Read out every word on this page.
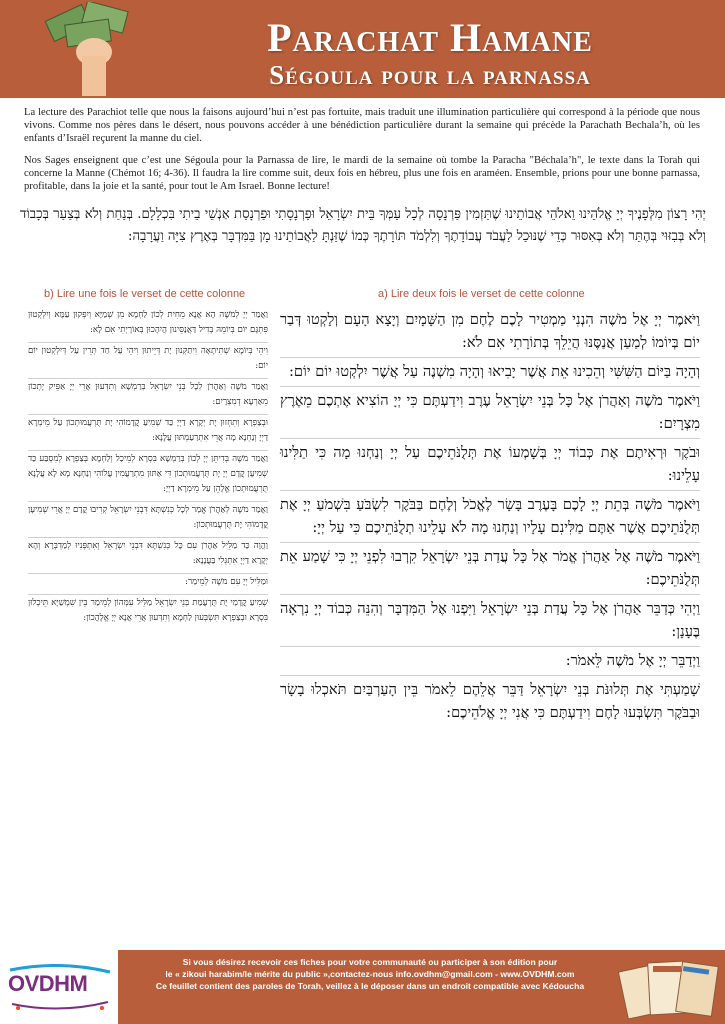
Parachat Hamane
Ségoula pour la parnassa

La lecture des Parachiot telle que nous la faisons aujourd’hui n’est pas fortuite, mais traduit une illumination particulière qui correspond à la période que nous vivons. Comme nos pères dans le désert, nous pouvons accéder à une bénédiction particulière durant la semaine qui précède la Parachath Bechala’h, où les enfants d’Israël reçurent la manne du ciel.

Nos Sages enseignent que c’est une Ségoula pour la Parnassa de lire, le mardi de la semaine où tombe la Paracha "Béchala’h", le texte dans la Torah qui concerne la Manne (Chémot 16; 4-36). Il faudra la lire comme suit, deux fois en hébreu, plus une fois en araméen. Ensemble, prions pour une bonne parnassa, profitable, dans la joie et la santé, pour tout le Am Israel. Bonne lecture!

יְהִי רָצוֹן מִלְּפָנֶיךָ יְיָ אֱלֹהֵינוּ וֵאלֹהֵי אֲבוֹתֵינוּ שֶׁתַּזְמִין פַּרְנָסָה לְכָל עַמְּךָ בֵּית יִשְׂרָאֵל וּפַרְנָסָתִי וּפַרְנָסַת אַנְשֵׁי בֵיתִי בִּכְלָלָם. בְּנַחַת וְלֹא בְּצַעַר בְּכָבוֹד וְלֹא בְּבִזּוּי בְּהֶתֵּר וְלֹא בְּאִסּוּר כְּדֵי שֶׁנּוּכַל לַעֲבֹד עֲבוֹדָתֶךָ וְלִלְמֹד תּוֹרָתֶךָ כְּמוֹ שֶׁזַּנְתָּ לַאֲבוֹתֵינוּ מָן בַּמִּדְבָּר בְּאֶרֶץ צִיָּה וַעֲרָבָה:

a) Lire deux fois le verset de cette colonne
b) Lire une fois le verset de cette colonne

וַיֹּאמֶר יְיָ אֶל מֹשֶׁה הִנְנִי מַמְטִיר לָכֶם לֶחֶם מִן הַשָּׁמָיִם וְיָצָא הָעָם וְלָקְטוּ דְּבַר יוֹם בְּיוֹמוֹ לְמַעַן אֲנַסֶּנּוּ הֲיֵלֵךְ בְּתוֹרָתִי אִם לֹא:

וְהָיָה בַּיּוֹם הַשִּׁשִּׁי וְהֵכִינוּ אֵת אֲשֶׁר יָבִיאוּ וְהָיָה מִשְׁנֶה עַל אֲשֶׁר יִלְקְטוּ יוֹם יוֹם:

וַיֹּאמֶר מֹשֶׁה וְאַהֲרֹן אֶל כָּל בְּנֵי יִשְׂרָאֵל עֶרֶב וִידַעְתֶּם כִּי יְיָ הוֹצִיא אֶתְכֶם מֵאֶרֶץ מִצְרָיִם:

וּבֹקֶר וּרְאִיתֶם אֶת כְּבוֹד יְיָ בְּשָׁמְעוֹ אֶת תְּלֻנֹּתֵיכֶם עַל יְיָ וְנַחְנוּ מָה כִּי תַלִּינוּ עָלֵינוּ:

וַיֹּאמֶר מֹשֶׁה בְּתֵת יְיָ לָכֶם בָּעֶרֶב בָּשָׂר לֶאֱכֹל וְלֶחֶם בַּבֹּקֶר לִשְׂבֹּעַ בִּשְׁמֹעַ יְיָ אֶת תְּלֻנֹּתֵיכֶם אֲשֶׁר אַתֶּם מַלִּינִם עָלָיו וְנַחְנוּ מָה לֹא עָלֵינוּ תְלֻנֹּתֵיכֶם כִּי עַל יְיָ:

וַיֹּאמֶר מֹשֶׁה אֶל אַהֲרֹן אֱמֹר אֶל כָּל עֲדַת בְּנֵי יִשְׂרָאֵל קִרְבוּ לִפְנֵי יְיָ כִּי שָׁמַע אֵת תְּלֻנֹּתֵיכֶם:

וַיְהִי כְּדַבֵּר אַהֲרֹן אֶל כָּל עֲדַת בְּנֵי יִשְׂרָאֵל וַיִּפְנוּ אֶל הַמִּדְבָּר וְהִנֵּה כְּבוֹד יְיָ נִרְאָה בֶּעָנָן:

וַיְדַבֵּר יְיָ אֶל מֹשֶׁה לֵּאמֹר:

שָׁמַעְתִּי אֶת תְּלוּנֹּת בְּנֵי יִשְׂרָאֵל דַּבֵּר אֲלֵהֶם לֵאמֹר בֵּין הָעַרְבַּיִם תֹּאכְלוּ בָשָׂר וּבַבֹּקֶר תִּשְׂבְּעוּ לָחֶם וִידַעְתֶּם כִּי אֲנִי יְיָ אֱלֹהֵיכֶם:

וַאֲמַר יְיָ לְמֹשֶׁה הָא אֲנָא מֵחִית לְכוֹן לַחְמָא מִן שְׁמַיָּא וְיִפְּקוּן עַמָּא וְיִלְקְטוּן פִּתְגָּם יוֹם בְּיוֹמֵהּ בְּדִיל דַּאֲנַסֵּינוּן הֲיִהָכוּן בְּאוֹרָיְתִי אִם לָא:

וִיהֵי בְּיוֹמָא שְׁתִיתָאָה וִיתַקְּנוּן יָת דְּיֵיתוּן וִיהֵי עַל חַד תְּרֵין עַל דְּיִלְקְטוּן יוֹם יוֹם:

וַאֲמַר מֹשֶׁה וְאַהֲרֹן לְכָל בְּנֵי יִשְׂרָאֵל בְּרַמְשָׁא וְתִדְּעוּן אֲרֵי יְיָ אַפֵּיק יָתְכוֹן מֵאַרְעָא דְמִצְרָיִם:

וּבְצַפְרָא וְתִחְזוּן יָת יְקָרָא דַיְיָ כַּד שְׁמִיעַ קֳדָמוֹהִי יָת תֻּרְעֲמוּתְכוֹן עַל מֵימְרָא דַיְיָ וְנַחְנָא מָה אֲרֵי אִתְרַעַמְתּוּן עֲלָנָא:

וַאֲמַר מֹשֶׁה בְּדִיתֵּן יְיָ לְכוֹן בְּרַמְשָׁא בִּסְרָא לְמֵיכַל וְלַחְמָא בְּצַפְרָא לְמִסְבַּע כַּד שְׁמִיעָן קֳדָם יְיָ יָת תֻּרְעֲמוּתְכוֹן דִּי אַתּוּן מִתְרַעֲמִין עֲלוֹהִי וְנַחְנָא מָא לָא עֲלָנָא תֻּרְעֲמוּתְכוֹן אֱלָהֵן עַל מֵימְרָא דַיְיָ:

וַאֲמַר מֹשֶׁה לְאַהֲרֹן אֱמַר לְכָל כְּנִשְׁתָּא דִּבְנֵי יִשְׂרָאֵל קְרִיבוּ קֳדָם יְיָ אֲרֵי שְׁמִיעָן קֳדָמוֹהִי יָת תֻּרְעֲמוּתְכוֹן:

וַהֲוָה כַּד מַלֵּיל אַהֲרֹן עִם כָּל כְּנִשְׁתָּא דִּבְנֵי יִשְׂרָאֵל וְאִתְפְּנִיוּ לְמַדְבְּרָא וְהָא יְקָרָא דַיְיָ אִתְגְּלִי בַּעֲנָנָא:

וּמַלִּיל יְיָ עִם מֹשֶׁה לְמֵימַר:

שְׁמִיעַ קֳדָמַי יָת תֻּרְעֲמַת בְּנֵי יִשְׂרָאֵל מַלֵּיל עִמְּהוֹן לְמֵימַר בֵּין שִׁמְשַׁיָּא תֵּיכְלוּן בִּסְרָא וּבְצַפְרָא תִּשְׂבְּעוּן לַחְמָא וְתִדְּעוּן אֲרֵי אֲנָא יְיָ אֱלָהֲכוֹן:

OVDHM
Si vous désirez recevoir ces fiches pour votre communauté ou participer à son édition pour
le « zikoui harabim/le mérite du public »,contactez-nous info.ovdhm@gmail.com - www.OVDHM.com
Ce feuillet contient des paroles de Torah, veillez à le déposer dans un endroit compatible avec Kédoucha
